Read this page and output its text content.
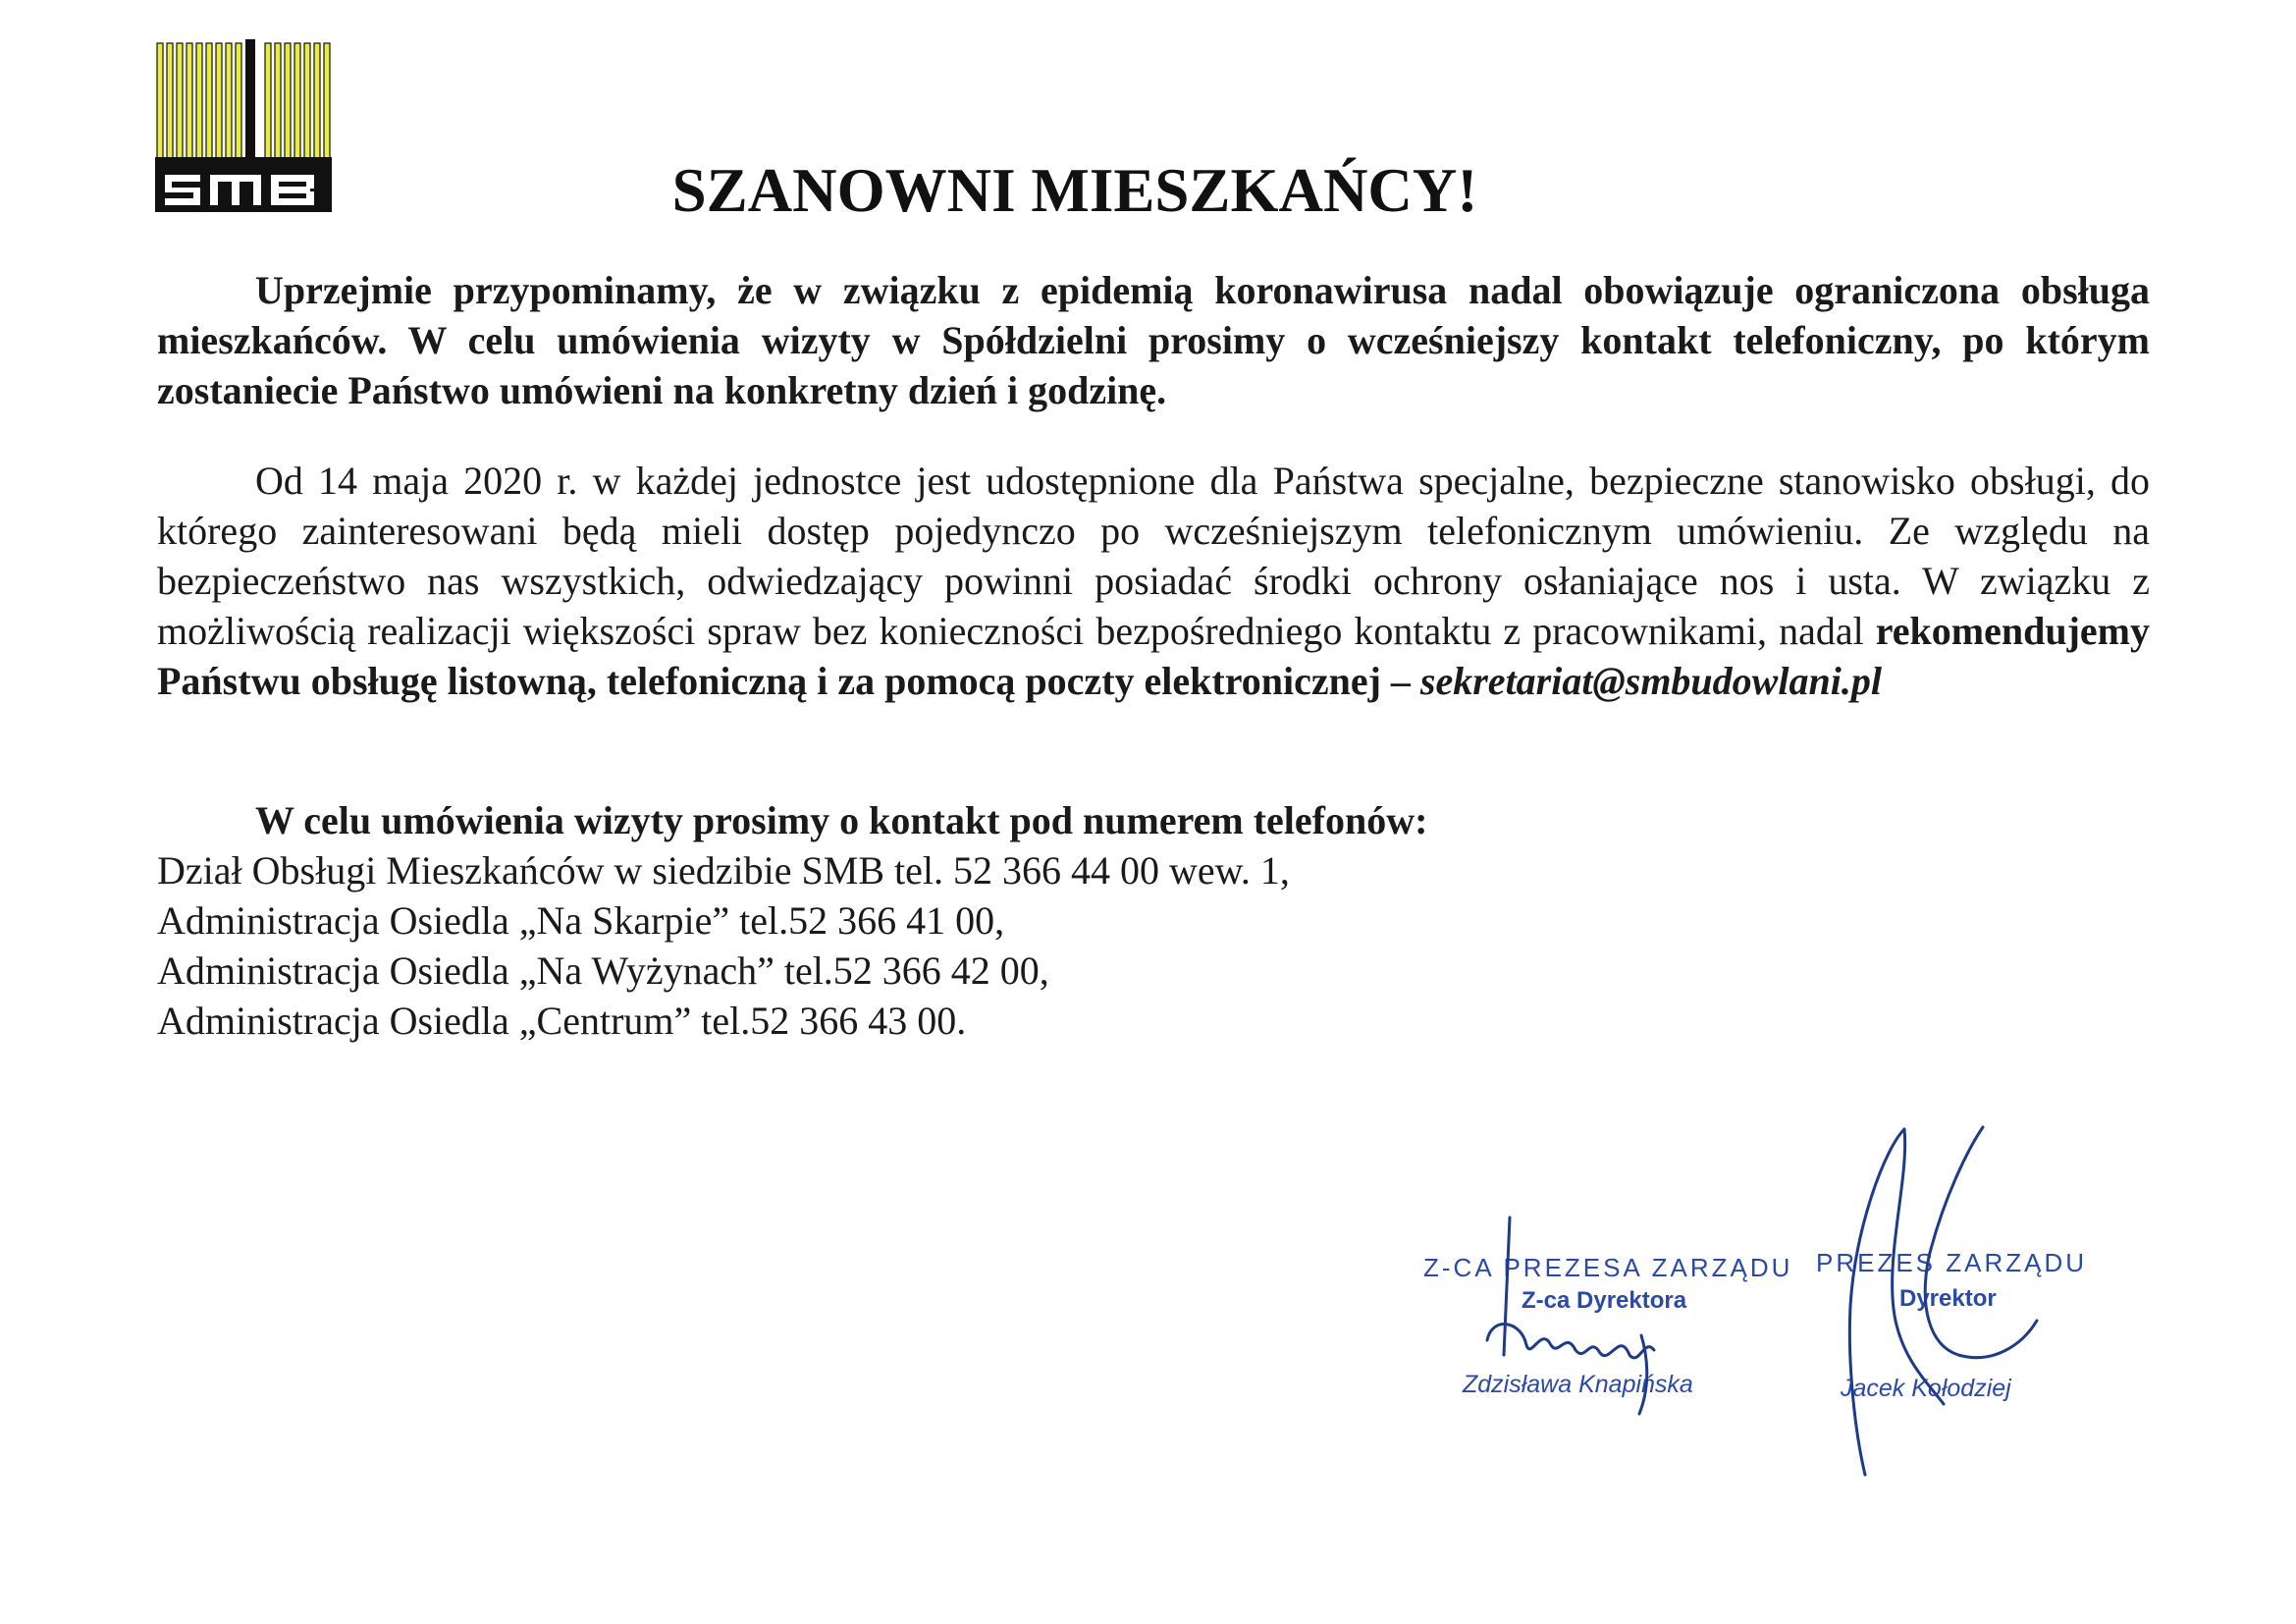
SZANOWNI MIESZKAŃCY!

Uprzejmie przypominamy, że w związku z epidemią koronawirusa nadal obowiązuje ograniczona obsługa mieszkańców. W celu umówienia wizyty w Spółdzielni prosimy o wcześniejszy kontakt telefoniczny, po którym zostaniecie Państwo umówieni na konkretny dzień i godzinę.

Od 14 maja 2020 r. w każdej jednostce jest udostępnione dla Państwa specjalne, bezpieczne stanowisko obsługi, do którego zainteresowani będą mieli dostęp pojedynczo po wcześniejszym telefonicznym umówieniu. Ze względu na bezpieczeństwo nas wszystkich, odwiedzający powinni posiadać środki ochrony osłaniające nos i usta. W związku z możliwością realizacji większości spraw bez konieczności bezpośredniego kontaktu z pracownikami, nadal rekomendujemy Państwu obsługę listowną, telefoniczną i za pomocą poczty elektronicznej – sekretariat@smbudowlani.pl

W celu umówienia wizyty prosimy o kontakt pod numerem telefonów:
Dział Obsługi Mieszkańców w siedzibie SMB tel. 52 366 44 00 wew. 1,
Administracja Osiedla „Na Skarpie” tel.52 366 41 00,
Administracja Osiedla „Na Wyżynach” tel.52 366 42 00,
Administracja Osiedla „Centrum” tel.52 366 43 00.
Z-CA PREZESA ZARZĄDU
Z-ca Dyrektora
Zdzisława Knapińska
PREZES ZARZĄDU
Dyrektor
Jacek Kołodziej
